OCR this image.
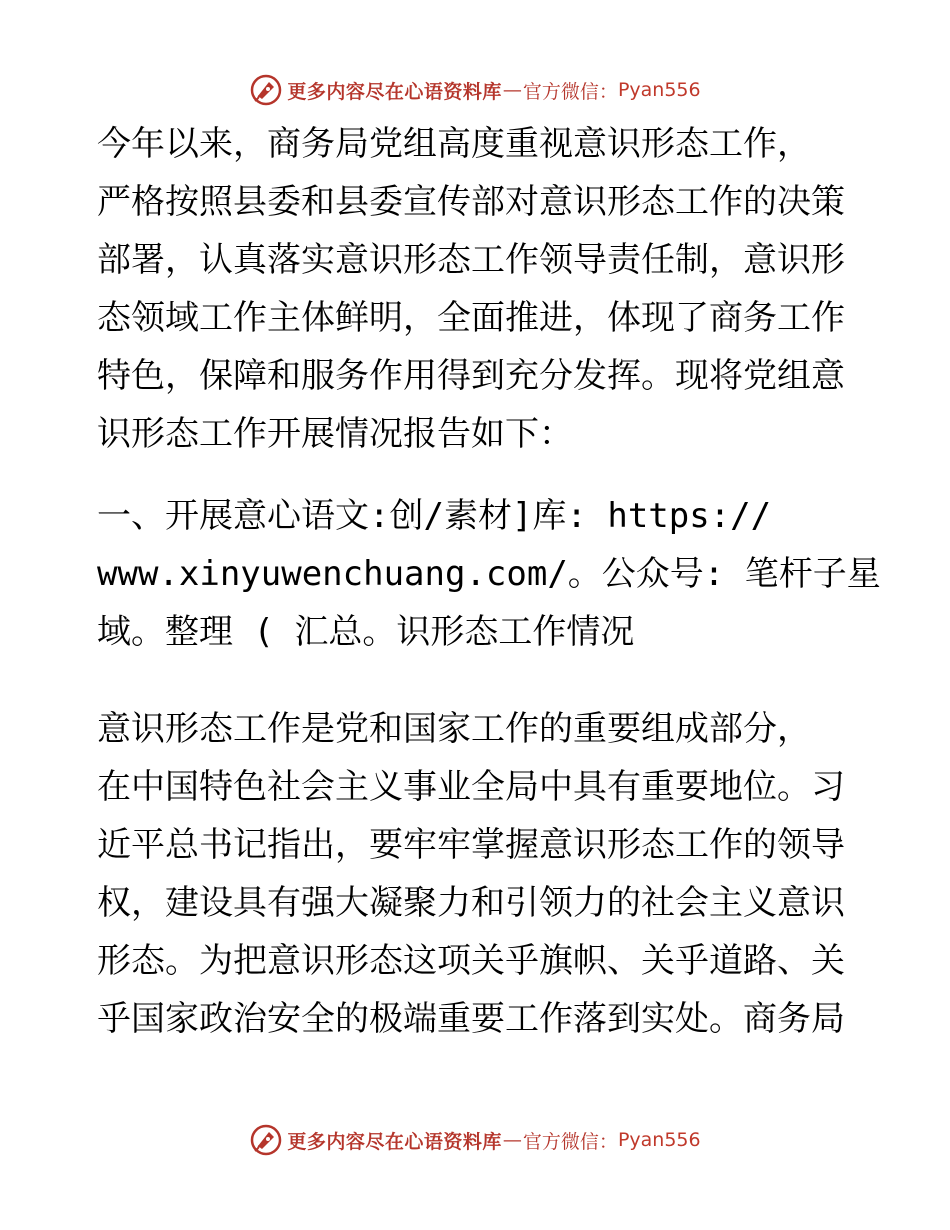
更多内容尽在心语资料库 — 官方微信： Pyan556

今年以来，商务局党组高度重视意识形态工作，

严格按照县委和县委宣传部对意识形态工作的决策

部署，认真落实意识形态工作领导责任制，意识形

态领域工作主体鲜明，全面推进，体现了商务工作

特色，保障和服务作用得到充分发挥。现将党组意

识形态工作开展情况报告如下：

一、开展意心语文:创/素材]库: https://

www.xinyuwenchuang.com/。公众号: 笔杆子星

域。整理 ( 汇总。识形态工作情况

意识形态工作是党和国家工作的重要组成部分，

在中国特色社会主义事业全局中具有重要地位。习

近平总书记指出，要牢牢掌握意识形态工作的领导

权，建设具有强大凝聚力和引领力的社会主义意识

形态。为把意识形态这项关乎旗帜、关乎道路、关

乎国家政治安全的极端重要工作落到实处。商务局

更多内容尽在心语资料库 — 官方微信： Pyan556
